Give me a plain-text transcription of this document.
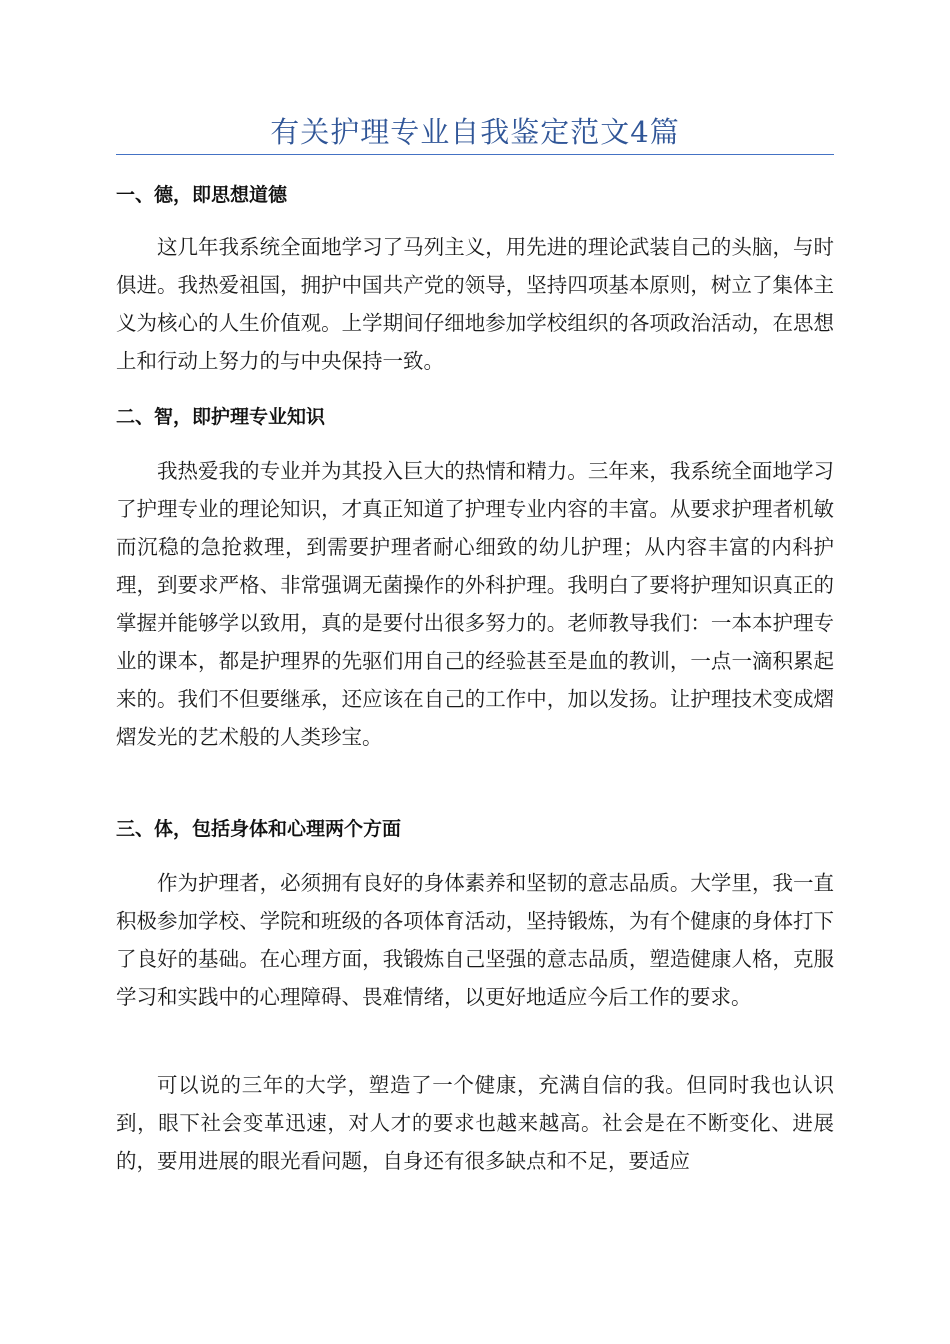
有关护理专业自我鉴定范文4篇
一、德，即思想道德

这几年我系统全面地学习了马列主义，用先进的理论武装自己的头脑，与时俱进。我热爱祖国，拥护中国共产党的领导，坚持四项基本原则，树立了集体主义为核心的人生价值观。上学期间仔细地参加学校组织的各项政治活动，在思想上和行动上努力的与中央保持一致。

二、智，即护理专业知识

我热爱我的专业并为其投入巨大的热情和精力。三年来，我系统全面地学习了护理专业的理论知识，才真正知道了护理专业内容的丰富。从要求护理者机敏而沉稳的急抢救理，到需要护理者耐心细致的幼儿护理；从内容丰富的内科护理，到要求严格、非常强调无菌操作的外科护理。我明白了要将护理知识真正的掌握并能够学以致用，真的是要付出很多努力的。老师教导我们：一本本护理专业的课本，都是护理界的先驱们用自己的经验甚至是血的教训，一点一滴积累起来的。我们不但要继承，还应该在自己的工作中，加以发扬。让护理技术变成熠熠发光的艺术般的人类珍宝。

三、体，包括身体和心理两个方面

作为护理者，必须拥有良好的身体素养和坚韧的意志品质。大学里，我一直积极参加学校、学院和班级的各项体育活动，坚持锻炼，为有个健康的身体打下了良好的基础。在心理方面，我锻炼自己坚强的意志品质，塑造健康人格，克服学习和实践中的心理障碍、畏难情绪，以更好地适应今后工作的要求。

可以说的三年的大学，塑造了一个健康，充满自信的我。但同时我也认识到，眼下社会变革迅速，对人才的要求也越来越高。社会是在不断变化、进展的，要用进展的眼光看问题，自身还有很多缺点和不足，要适应
